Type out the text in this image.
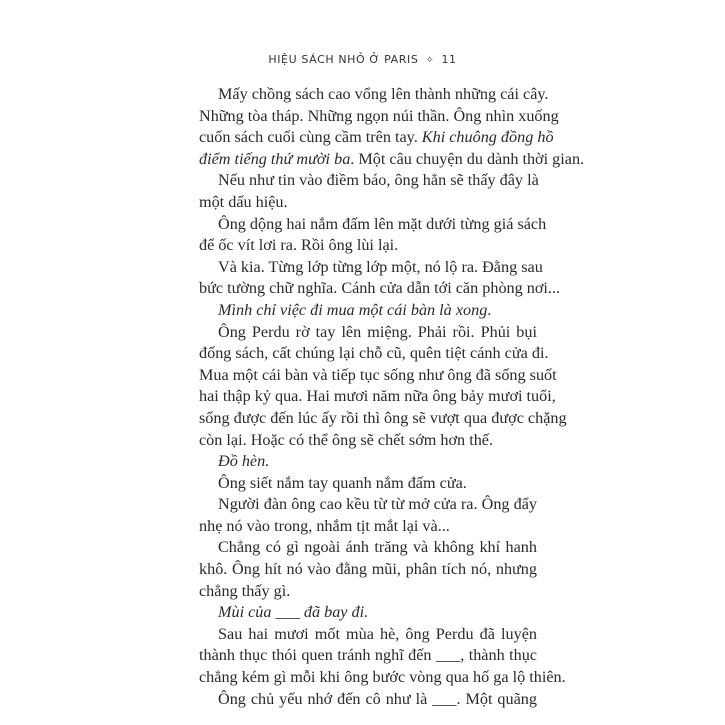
HIỆU SÁCH NHỎ Ở PARIS ✧ 11
Mấy chồng sách cao vổng lên thành những cái cây.
Những tòa tháp. Những ngọn núi thần. Ông nhìn xuống
cuốn sách cuối cùng cầm trên tay. Khi chuông đồng hồ
điểm tiếng thứ mười ba. Một câu chuyện du dành thời gian.
Nếu như tin vào điềm báo, ông hẳn sẽ thấy đây là
một dấu hiệu.
Ông dộng hai nắm đấm lên mặt dưới từng giá sách
để ốc vít lơi ra. Rồi ông lùi lại.
Và kia. Từng lớp từng lớp một, nó lộ ra. Đằng sau
bức tường chữ nghĩa. Cánh cửa dẫn tới căn phòng nơi...
Mình chỉ việc đi mua một cái bàn là xong.
Ông Perdu rờ tay lên miệng. Phải rồi. Phủi bụi
đống sách, cất chúng lại chỗ cũ, quên tiệt cánh cửa đi.
Mua một cái bàn và tiếp tục sống như ông đã sống suốt
hai thập kỷ qua. Hai mươi năm nữa ông bảy mươi tuổi,
sống được đến lúc ấy rồi thì ông sẽ vượt qua được chặng
còn lại. Hoặc có thể ông sẽ chết sớm hơn thế.
Đồ hèn.
Ông siết nắm tay quanh nắm đấm cửa.
Người đàn ông cao kều từ từ mở cửa ra. Ông đẩy
nhẹ nó vào trong, nhắm tịt mắt lại và...
Chẳng có gì ngoài ánh trăng và không khí hanh
khô. Ông hít nó vào đằng mũi, phân tích nó, nhưng
chẳng thấy gì.
Mùi của ___ đã bay đi.
Sau hai mươi mốt mùa hè, ông Perdu đã luyện
thành thục thói quen tránh nghĩ đến ___, thành thục
chẳng kém gì mỗi khi ông bước vòng qua hố ga lộ thiên.
Ông chủ yếu nhớ đến cô như là ___. Một quãng
